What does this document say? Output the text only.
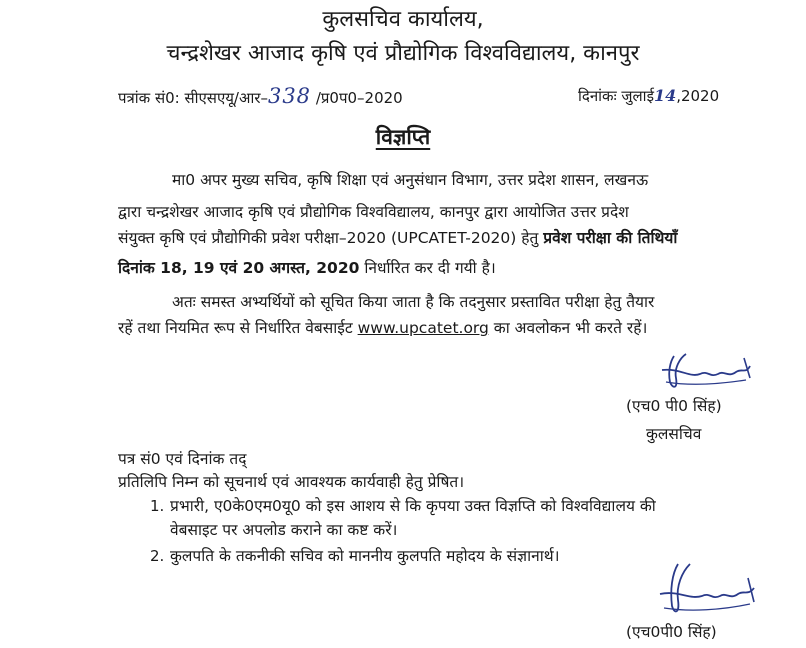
कुलसचिव कार्यालय,
चन्द्रशेखर आजाद कृषि एवं प्रौद्योगिक विश्वविद्यालय, कानपुर
पत्रांक सं0: सीएसएयू/आर–338 /प्र0प0–2020	दिनांकः जुलाई14,2020
विज्ञप्ति
मा0 अपर मुख्य सचिव, कृषि शिक्षा एवं अनुसंधान विभाग, उत्तर प्रदेश शासन, लखनऊ
द्वारा चन्द्रशेखर आजाद कृषि एवं प्रौद्योगिक विश्वविद्यालय, कानपुर द्वारा आयोजित उत्तर प्रदेश
संयुक्त कृषि एवं प्रौद्योगिकी प्रवेश परीक्षा–2020 (UPCATET-2020) हेतु प्रवेश परीक्षा की तिथियाँ
दिनांक 18, 19 एवं 20 अगस्त, 2020 निर्धारित कर दी गयी है।
अतः समस्त अभ्यर्थियों को सूचित किया जाता है कि तदनुसार प्रस्तावित परीक्षा हेतु तैयार
रहें तथा नियमित रूप से निर्धारित वेबसाईट www.upcatet.org का अवलोकन भी करते रहें।
(एच0 पी0 सिंह)
कुलसचिव
पत्र सं0 एवं दिनांक तद्
प्रतिलिपि निम्न को सूचनार्थ एवं आवश्यक कार्यवाही हेतु प्रेषित।
1. प्रभारी, ए0के0एम0यू0 को इस आशय से कि कृपया उक्त विज्ञप्ति को विश्वविद्यालय की
वेबसाइट पर अपलोड कराने का कष्ट करें।
2. कुलपति के तकनीकी सचिव को माननीय कुलपति महोदय के संज्ञानार्थ।
(एच0पी0 सिंह)
